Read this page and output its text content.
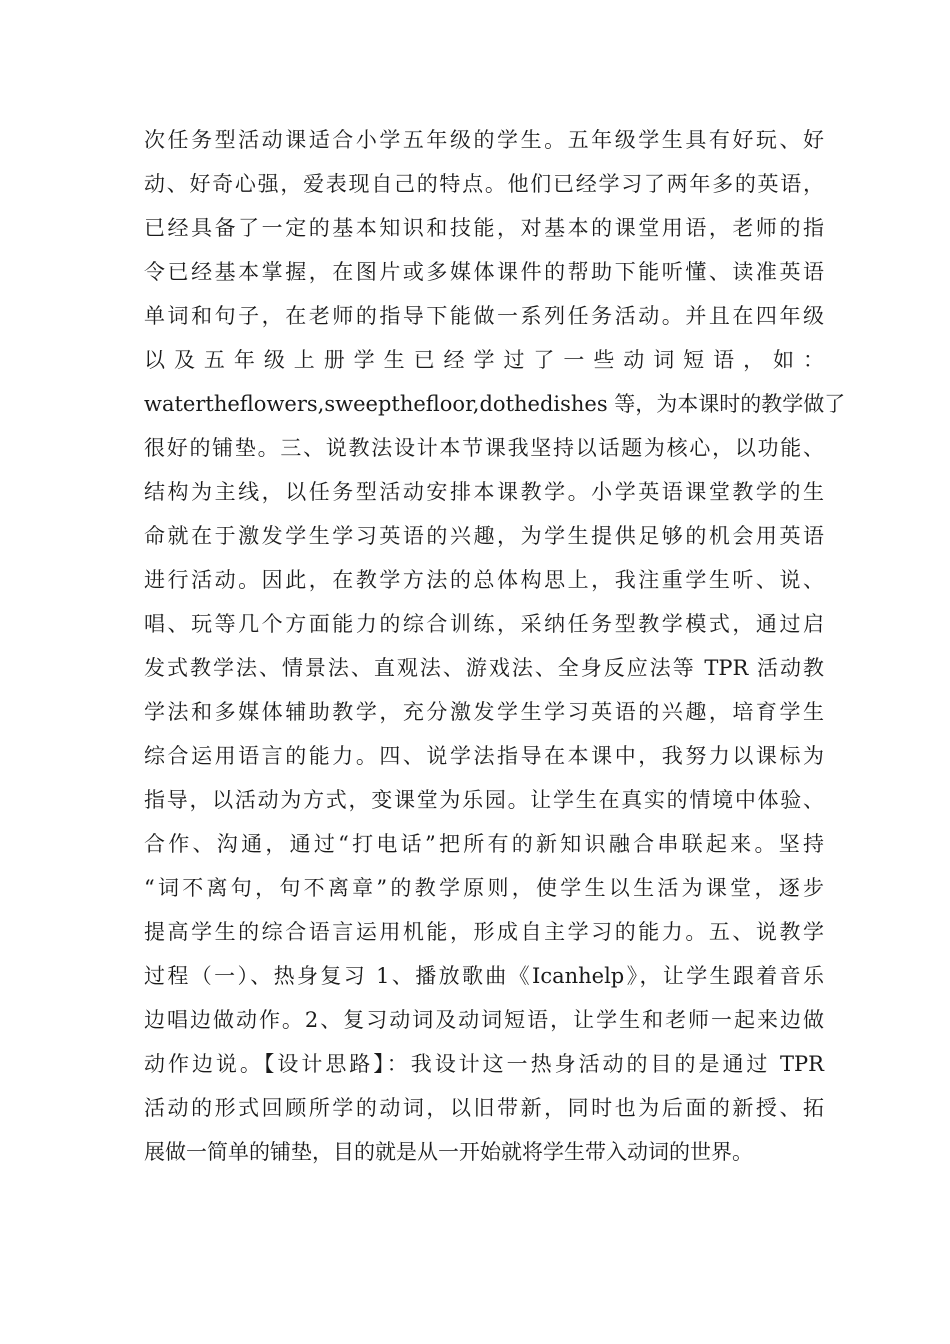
次任务型活动课适合小学五年级的学生。五年级学生具有好玩、好
动、好奇心强，爱表现自己的特点。他们已经学习了两年多的英语，
已经具备了一定的基本知识和技能，对基本的课堂用语，老师的指
令已经基本掌握，在图片或多媒体课件的帮助下能听懂、读准英语
单词和句子，在老师的指导下能做一系列任务活动。并且在四年级
以 及 五 年 级 上 册 学 生 已 经 学 过 了 一 些 动 词 短 语 ， 如 ：
watertheflowers,sweepthefloor,dothedishes 等，为本课时的教学做了
很好的铺垫。三、说教法设计本节课我坚持以话题为核心，以功能、
结构为主线，以任务型活动安排本课教学。小学英语课堂教学的生
命就在于激发学生学习英语的兴趣，为学生提供足够的机会用英语
进行活动。因此，在教学方法的总体构思上，我注重学生听、说、
唱、玩等几个方面能力的综合训练，采纳任务型教学模式，通过启
发式教学法、情景法、直观法、游戏法、全身反应法等 TPR 活动教
学法和多媒体辅助教学，充分激发学生学习英语的兴趣，培育学生
综合运用语言的能力。四、说学法指导在本课中，我努力以课标为
指导，以活动为方式，变课堂为乐园。让学生在真实的情境中体验、
合作、沟通，通过“打电话”把所有的新知识融合串联起来。坚持
“词不离句，句不离章”的教学原则，使学生以生活为课堂，逐步
提高学生的综合语言运用机能，形成自主学习的能力。五、说教学
过程（一）、热身复习 1、播放歌曲《Icanhelp》，让学生跟着音乐
边唱边做动作。2、复习动词及动词短语，让学生和老师一起来边做
动作边说。【设计思路】：我设计这一热身活动的目的是通过 TPR
活动的形式回顾所学的动词，以旧带新，同时也为后面的新授、拓
展做一简单的铺垫，目的就是从一开始就将学生带入动词的世界。
